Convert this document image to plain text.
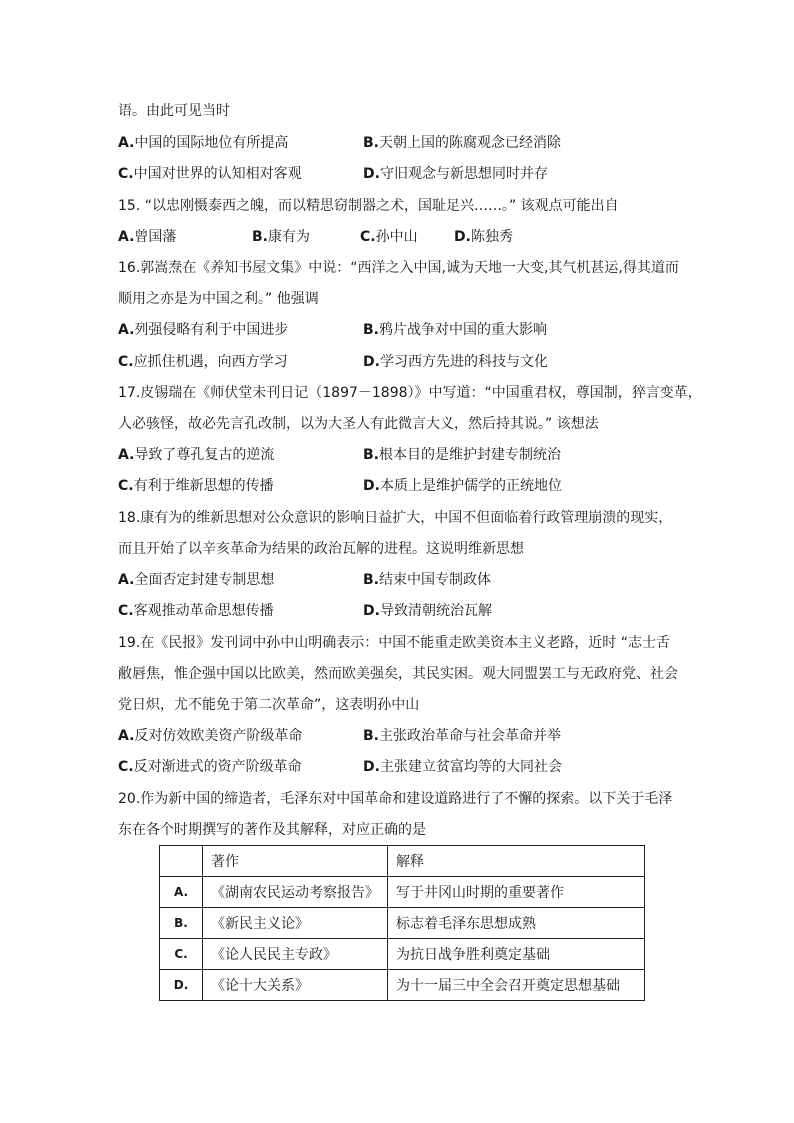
语。由此可见当时
A.中国的国际地位有所提高	B.天朝上国的陈腐观念已经消除
C.中国对世界的认知相对客观	D.守旧观念与新思想同时并存
15. “以忠刚慑泰西之魄，而以精思窃制器之术，国耻足兴……。” 该观点可能出自
A.曾国藩	B.康有为	C.孙中山	D.陈独秀
16.郭嵩焘在《养知书屋文集》中说：“西洋之入中国,诚为天地一大变,其气机甚运,得其道而
顺用之亦是为中国之利。” 他强调
A.列强侵略有利于中国进步	B.鸦片战争对中国的重大影响
C.应抓住机遇，向西方学习	D.学习西方先进的科技与文化
17.皮锡瑞在《师伏堂未刊日记（1897－1898）》中写道：“中国重君权，尊国制，猝言变革，
人必骇怪，故必先言孔改制，以为大圣人有此微言大义，然后持其说。” 该想法
A.导致了尊孔复古的逆流	B.根本目的是维护封建专制统治
C.有利于维新思想的传播	D.本质上是维护儒学的正统地位
18.康有为的维新思想对公众意识的影响日益扩大，中国不但面临着行政管理崩溃的现实，
而且开始了以辛亥革命为结果的政治瓦解的进程。这说明维新思想
A.全面否定封建专制思想	B.结束中国专制政体
C.客观推动革命思想传播	D.导致清朝统治瓦解
19.在《民报》发刊词中孙中山明确表示：中国不能重走欧美资本主义老路，近时 “志士舌
敝唇焦，惟企强中国以比欧美，然而欧美强矣，其民实困。观大同盟罢工与无政府党、社会
党日炽，尤不能免于第二次革命”，这表明孙中山
A.反对仿效欧美资产阶级革命	B.主张政治革命与社会革命并举
C.反对渐进式的资产阶级革命	D.主张建立贫富均等的大同社会
20.作为新中国的缔造者，毛泽东对中国革命和建设道路进行了不懈的探索。以下关于毛泽
东在各个时期撰写的著作及其解释，对应正确的是
	著作	解释
A.	《湖南农民运动考察报告》	写于井冈山时期的重要著作
B.	《新民主义论》	标志着毛泽东思想成熟
C.	《论人民民主专政》	为抗日战争胜利奠定基础
D.	《论十大关系》	为十一届三中全会召开奠定思想基础
